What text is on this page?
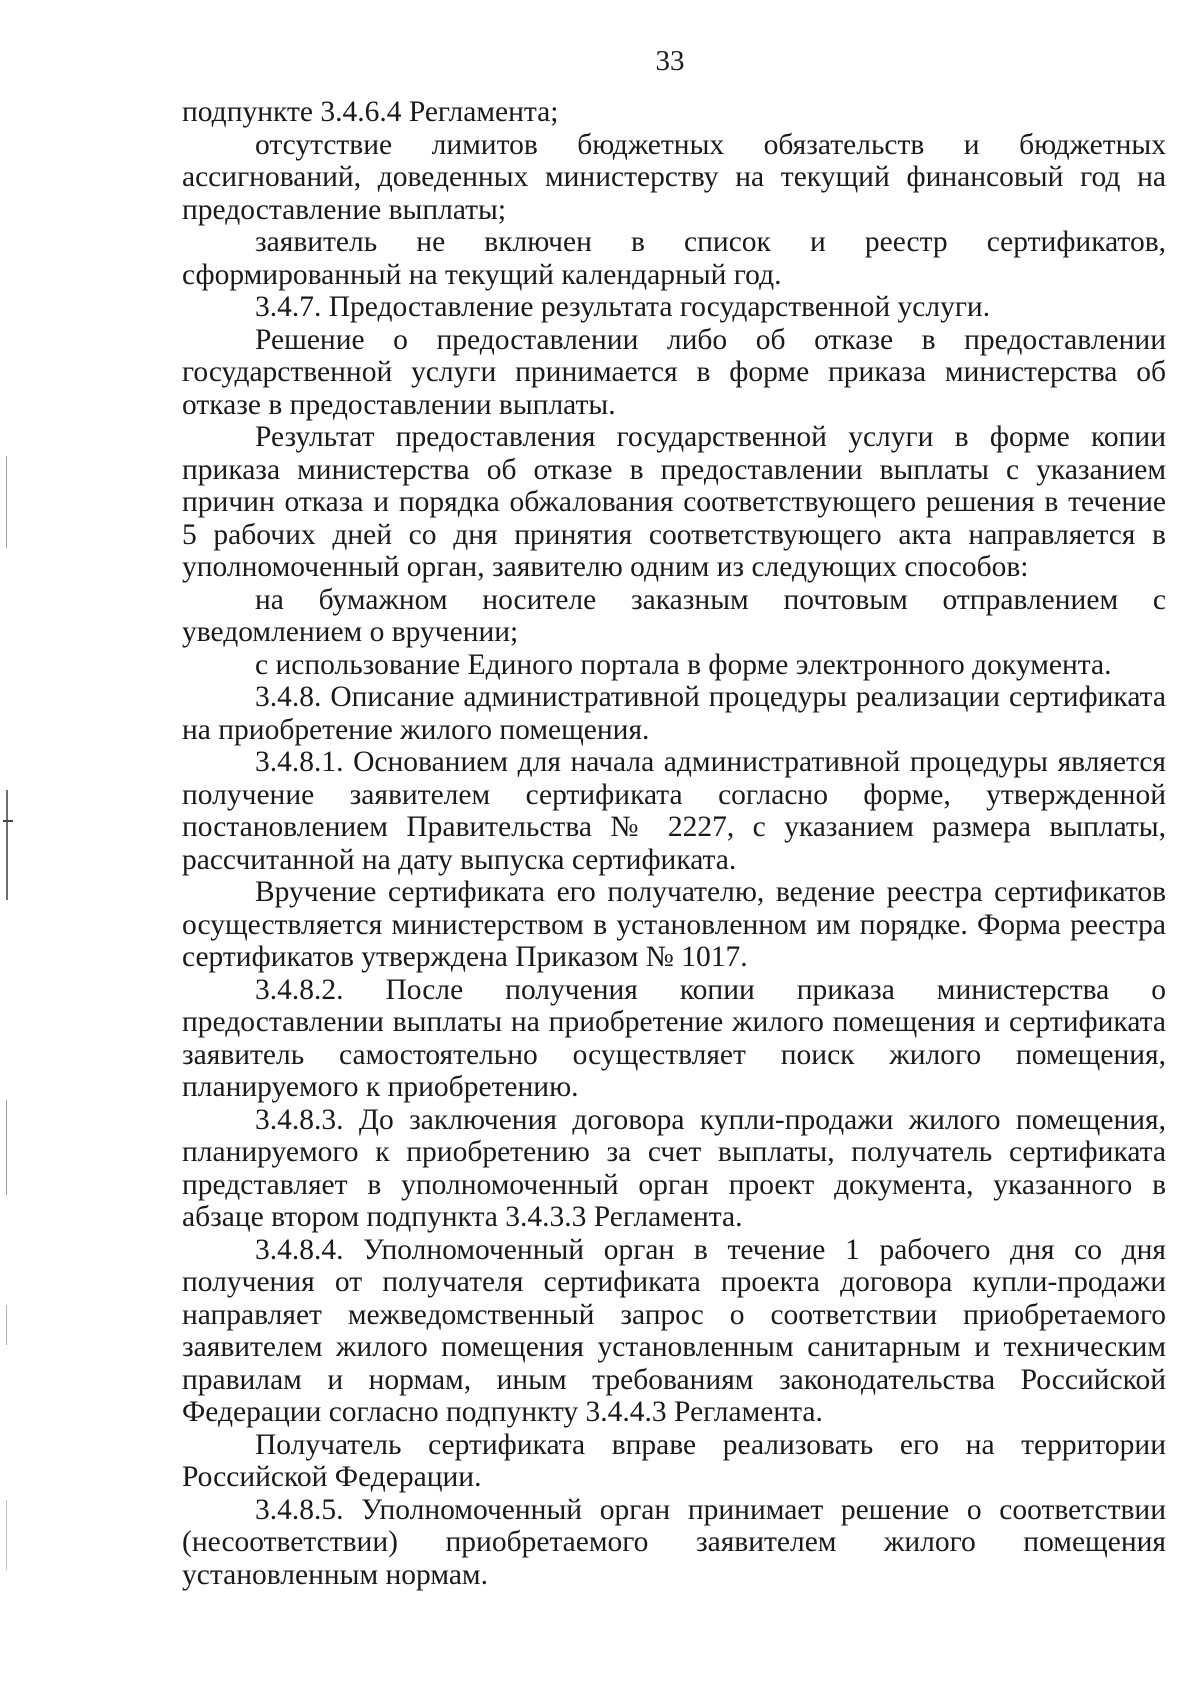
33

подпункте 3.4.6.4 Регламента;

отсутствие лимитов бюджетных обязательств и бюджетных ассигнований, доведенных министерству на текущий финансовый год на предоставление выплаты;

заявитель не включен в список и реестр сертификатов, сформированный на текущий календарный год.

3.4.7. Предоставление результата государственной услуги.

Решение о предоставлении либо об отказе в предоставлении государственной услуги принимается в форме приказа министерства об отказе в предоставлении выплаты.

Результат предоставления государственной услуги в форме копии приказа министерства об отказе в предоставлении выплаты с указанием причин отказа и порядка обжалования соответствующего решения в течение 5 рабочих дней со дня принятия соответствующего акта направляется в уполномоченный орган, заявителю одним из следующих способов:

на бумажном носителе заказным почтовым отправлением с уведомлением о вручении;

с использование Единого портала в форме электронного документа.

3.4.8. Описание административной процедуры реализации сертификата на приобретение жилого помещения.

3.4.8.1. Основанием для начала административной процедуры является получение заявителем сертификата согласно форме, утвержденной постановлением Правительства № 2227, с указанием размера выплаты, рассчитанной на дату выпуска сертификата.

Вручение сертификата его получателю, ведение реестра сертификатов осуществляется министерством в установленном им порядке. Форма реестра сертификатов утверждена Приказом № 1017.

3.4.8.2. После получения копии приказа министерства о предоставлении выплаты на приобретение жилого помещения и сертификата заявитель самостоятельно осуществляет поиск жилого помещения, планируемого к приобретению.

3.4.8.3. До заключения договора купли-продажи жилого помещения, планируемого к приобретению за счет выплаты, получатель сертификата представляет в уполномоченный орган проект документа, указанного в абзаце втором подпункта 3.4.3.3 Регламента.

3.4.8.4. Уполномоченный орган в течение 1 рабочего дня со дня получения от получателя сертификата проекта договора купли-продажи направляет межведомственный запрос о соответствии приобретаемого заявителем жилого помещения установленным санитарным и техническим правилам и нормам, иным требованиям законодательства Российской Федерации согласно подпункту 3.4.4.3 Регламента.

Получатель сертификата вправе реализовать его на территории Российской Федерации.

3.4.8.5. Уполномоченный орган принимает решение о соответствии (несоответствии) приобретаемого заявителем жилого помещения установленным нормам.
